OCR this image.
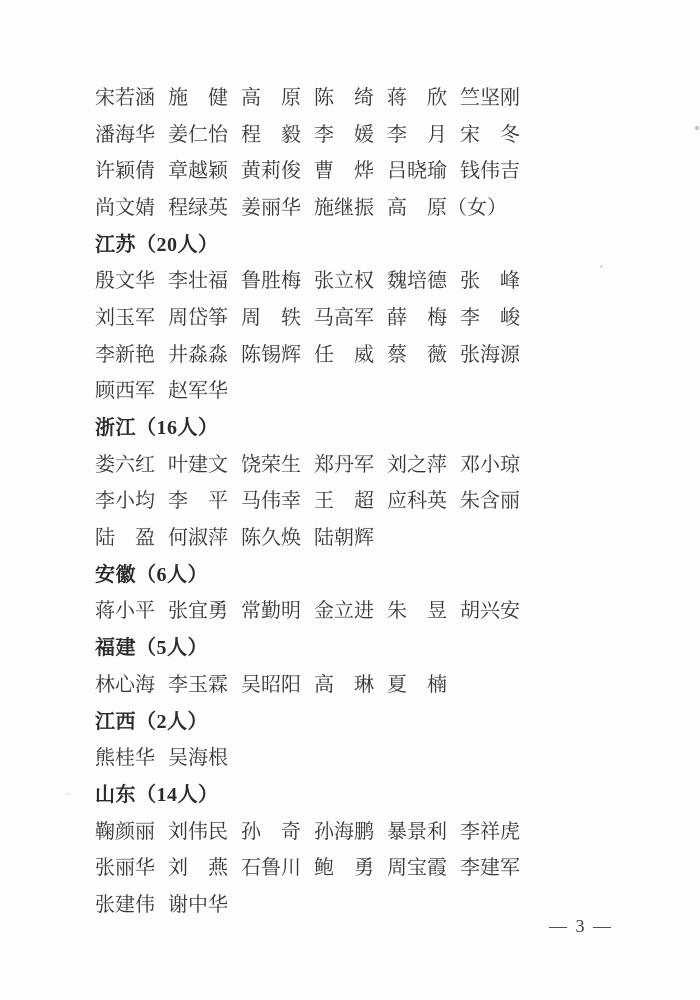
宋若涵 施　健 高　原 陈　绮 蒋　欣 竺坚刚
潘海华 姜仁怡 程　毅 李　媛 李　月 宋　冬
许颖倩 章越颖 黄莉俊 曹　烨 吕晓瑜 钱伟吉
尚文婧 程绿英 姜丽华 施继振 高　原（女）
江苏（20人）
殷文华 李壮福 鲁胜梅 张立权 魏培德 张　峰
刘玉军 周岱筝 周　轶 马高军 薛　梅 李　峻
李新艳 井淼淼 陈锡辉 任　威 蔡　薇 张海源
顾西军 赵军华
浙江（16人）
娄六红 叶建文 饶荣生 郑丹军 刘之萍 邓小琼
李小均 李　平 马伟幸 王　超 应科英 朱含丽
陆　盈 何淑萍 陈久焕 陆朝辉
安徽（6人）
蒋小平 张宜勇 常勤明 金立进 朱　昱 胡兴安
福建（5人）
林心海 李玉霖 吴昭阳 高　琳 夏　楠
江西（2人）
熊桂华 吴海根
山东（14人）
鞠颜丽 刘伟民 孙　奇 孙海鹏 暴景利 李祥虎
张丽华 刘　燕 石鲁川 鲍　勇 周宝霞 李建军
张建伟 谢中华
— 3 —
